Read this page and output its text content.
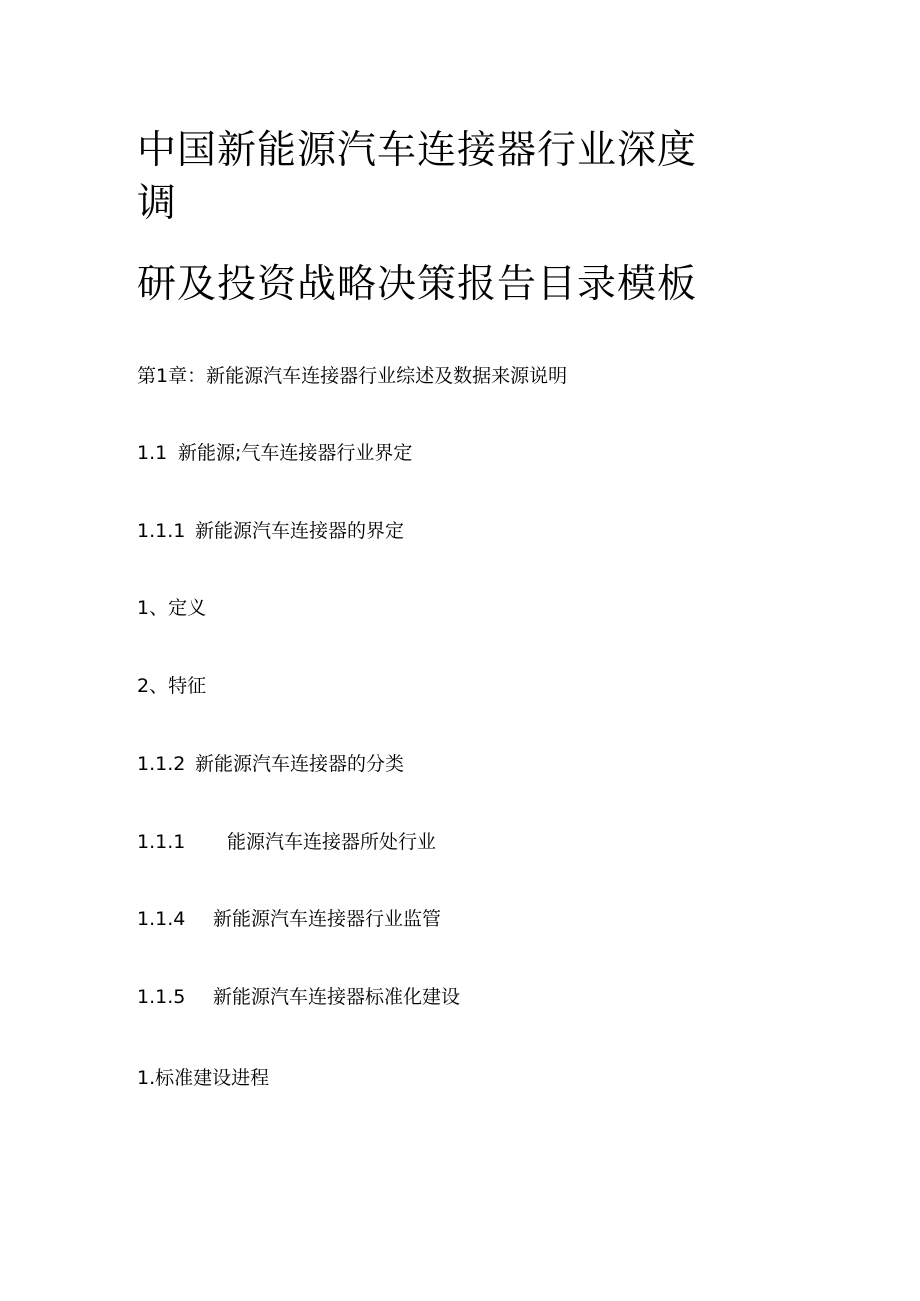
中国新能源汽车连接器行业深度
调
研及投资战略决策报告目录模板

第1章：新能源汽车连接器行业综述及数据来源说明

1.1 新能源;气车连接器行业界定

1.1.1 新能源汽车连接器的界定

1、定义

2、特征

1.1.2 新能源汽车连接器的分类

1.1.1 能源汽车连接器所处行业

1.1.4 新能源汽车连接器行业监管

1.1.5 新能源汽车连接器标准化建设

1.标准建设进程
